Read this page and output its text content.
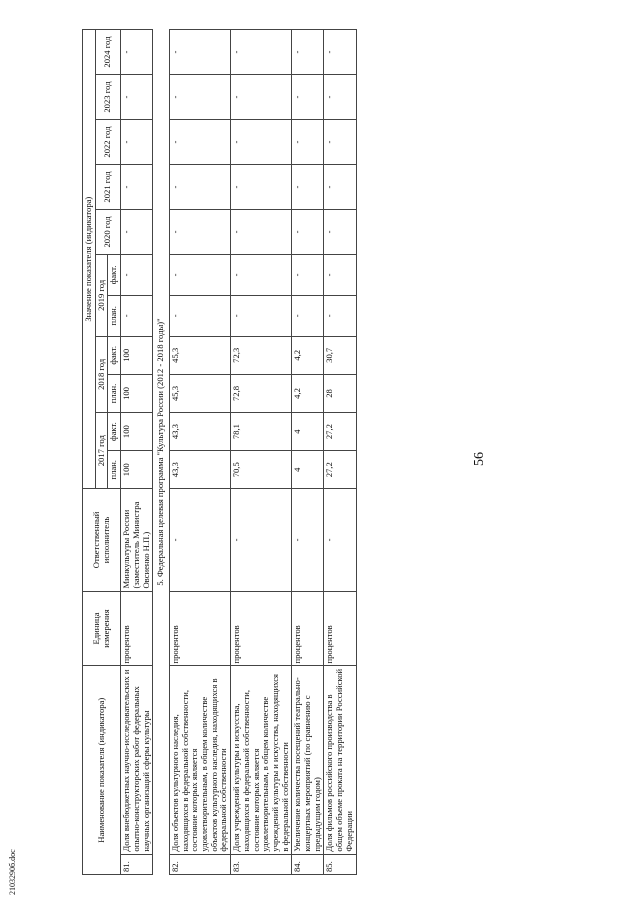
56
Наименование показателя (индикатора)		Единица измерения	Ответственный исполнитель	Значение показателя (индикатора)										
				2017 год		2018 год		2019 год		2020 год	2021 год	2022 год	2023 год	2024 год
				план.	факт.	план.	факт.	план.	факт.					
81.	Доля внебюджетных научно-исследовательских и опытно-конструкторских работ федеральных научных организаций сферы культуры	процентов	Минкультуры России (заместитель Министра Овсиенко Н.П.)	100	100	100	100	-	-	-	-	-	-	-
5. Федеральная целевая программа "Культура России (2012 - 2018 годы)"														
82.	Доля объектов культурного наследия, находящихся в федеральной собственности, состояние которых является удовлетворительным, в общем количестве объектов культурного наследия, находящихся в федеральной собственности	процентов	-	43,3	43,3	45,3	45,3	-	-	-	-	-	-	-
83.	Доля учреждений культуры и искусства, находящихся в федеральной собственности, состояние которых является удовлетворительным, в общем количестве учреждений культуры и искусства, находящихся в федеральной собственности	процентов	-	70,5	78,1	72,8	72,3	-	-	-	-	-	-	-
84.	Увеличение количества посещений театрально-концертных мероприятий (по сравнению с предыдущим годом)	процентов	-	4	4	4,2	4,2	-	-	-	-	-	-	-
85.	Доля фильмов российского производства в общем объеме проката на территории Российской Федерации	процентов	-	27,2	27,2	28	30,7	-	-	-	-	-	-	-
2103290б.doc
